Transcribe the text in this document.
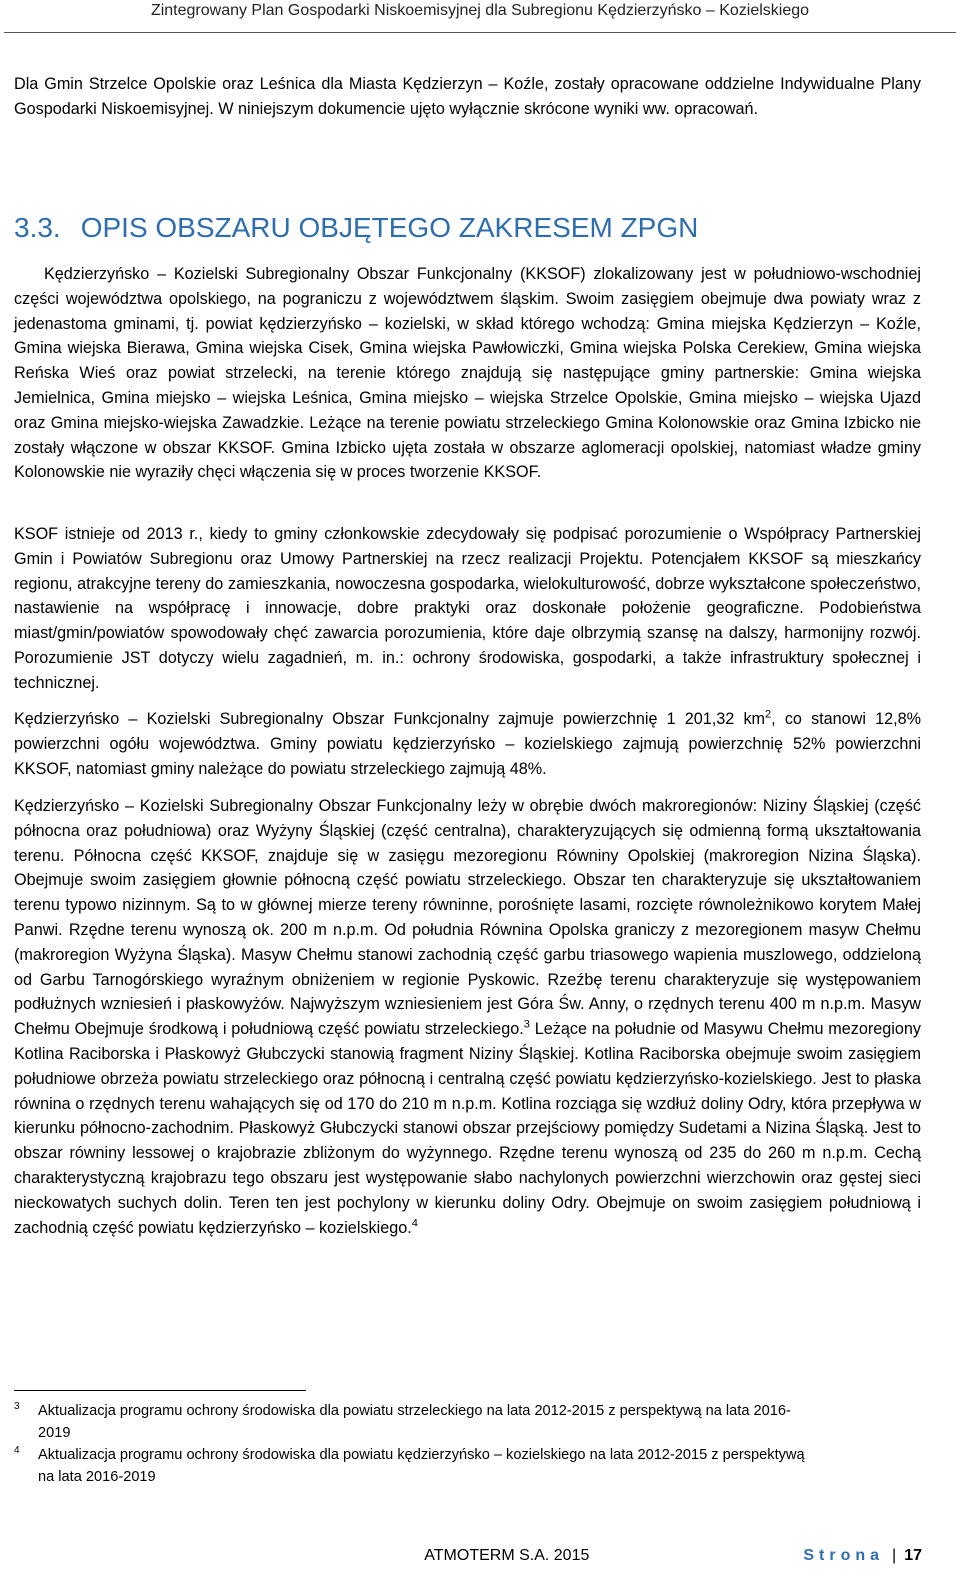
Zintegrowany Plan Gospodarki Niskoemisyjnej dla Subregionu Kędzierzyńsko – Kozielskiego

Dla Gmin Strzelce Opolskie oraz Leśnica dla Miasta Kędzierzyn – Koźle, zostały opracowane oddzielne Indywidualne Plany Gospodarki Niskoemisyjnej. W niniejszym dokumencie ujęto wyłącznie skrócone wyniki ww. opracowań.

3.3. OPIS OBSZARU OBJĘTEGO ZAKRESEM ZPGN

Kędzierzyńsko – Kozielski Subregionalny Obszar Funkcjonalny (KKSOF) zlokalizowany jest w południowo-wschodniej części województwa opolskiego, na pograniczu z województwem śląskim. Swoim zasięgiem obejmuje dwa powiaty wraz z jedenastoma gminami, tj. powiat kędzierzyńsko – kozielski, w skład którego wchodzą: Gmina miejska Kędzierzyn – Koźle, Gmina wiejska Bierawa, Gmina wiejska Cisek, Gmina wiejska Pawłowiczki, Gmina wiejska Polska Cerekiew, Gmina wiejska Reńska Wieś oraz powiat strzelecki, na terenie którego znajdują się następujące gminy partnerskie: Gmina wiejska Jemielnica, Gmina miejsko – wiejska Leśnica, Gmina miejsko – wiejska Strzelce Opolskie, Gmina miejsko – wiejska Ujazd oraz Gmina miejsko-wiejska Zawadzkie. Leżące na terenie powiatu strzeleckiego Gmina Kolonowskie oraz Gmina Izbicko nie zostały włączone w obszar KKSOF. Gmina Izbicko ujęta została w obszarze aglomeracji opolskiej, natomiast władze gminy Kolonowskie nie wyraziły chęci włączenia się w proces tworzenie KKSOF.

KSOF istnieje od 2013 r., kiedy to gminy członkowskie zdecydowały się podpisać porozumienie o Współpracy Partnerskiej Gmin i Powiatów Subregionu oraz Umowy Partnerskiej na rzecz realizacji Projektu. Potencjałem KKSOF są mieszkańcy regionu, atrakcyjne tereny do zamieszkania, nowoczesna gospodarka, wielokulturowość, dobrze wykształcone społeczeństwo, nastawienie na współpracę i innowacje, dobre praktyki oraz doskonałe położenie geograficzne. Podobieństwa miast/gmin/powiatów spowodowały chęć zawarcia porozumienia, które daje olbrzymią szansę na dalszy, harmonijny rozwój. Porozumienie JST dotyczy wielu zagadnień, m. in.: ochrony środowiska, gospodarki, a także infrastruktury społecznej i technicznej.

Kędzierzyńsko – Kozielski Subregionalny Obszar Funkcjonalny zajmuje powierzchnię 1 201,32 $km^2$, co stanowi 12,8% powierzchni ogółu województwa. Gminy powiatu kędzierzyńsko – kozielskiego zajmują powierzchnię 52% powierzchni KKSOF, natomiast gminy należące do powiatu strzeleckiego zajmują 48%.

Kędzierzyńsko – Kozielski Subregionalny Obszar Funkcjonalny leży w obrębie dwóch makroregionów: Niziny Śląskiej (część północna oraz południowa) oraz Wyżyny Śląskiej (część centralna), charakteryzujących się odmienną formą ukształtowania terenu. Północna część KKSOF, znajduje się w zasięgu mezoregionu Równiny Opolskiej (makroregion Nizina Śląska). Obejmuje swoim zasięgiem głownie północną część powiatu strzeleckiego. Obszar ten charakteryzuje się ukształtowaniem terenu typowo nizinnym. Są to w głównej mierze tereny równinne, porośnięte lasami, rozcięte równoleżnikowo korytem Małej Panwi. Rzędne terenu wynoszą ok. 200 m n.p.m. Od południa Równina Opolska graniczy z mezoregionem masyw Chełmu (makroregion Wyżyna Śląska). Masyw Chełmu stanowi zachodnią część garbu triasowego wapienia muszlowego, oddzieloną od Garbu Tarnogórskiego wyraźnym obniżeniem w regionie Pyskowic. Rzeźbę terenu charakteryzuje się występowaniem podłużnych wzniesień i płaskowyżów. Najwyższym wzniesieniem jest Góra Św. Anny, o rzędnych terenu 400 m n.p.m. Masyw Chełmu Obejmuje środkową i południową część powiatu strzeleckiego.$^3$ Leżące na południe od Masywu Chełmu mezoregiony Kotlina Raciborska i Płaskowyż Głubczycki stanowią fragment Niziny Śląskiej. Kotlina Raciborska obejmuje swoim zasięgiem południowe obrzeża powiatu strzeleckiego oraz północną i centralną część powiatu kędzierzyńsko-kozielskiego. Jest to płaska równina o rzędnych terenu wahających się od 170 do 210 m n.p.m. Kotlina rozciąga się wzdłuż doliny Odry, która przepływa w kierunku północno-zachodnim. Płaskowyż Głubczycki stanowi obszar przejściowy pomiędzy Sudetami a Nizina Śląską. Jest to obszar równiny lessowej o krajobrazie zbliżonym do wyżynnego. Rzędne terenu wynoszą od 235 do 260 m n.p.m. Cechą charakterystyczną krajobrazu tego obszaru jest występowanie słabo nachylonych powierzchni wierzchowin oraz gęstej sieci nieckowatych suchych dolin. Teren ten jest pochylony w kierunku doliny Odry. Obejmuje on swoim zasięgiem południową i zachodnią część powiatu kędzierzyńsko – kozielskiego.$^4$

3	Aktualizacja programu ochrony środowiska dla powiatu strzeleckiego na lata 2012-2015 z perspektywą na lata 2016-
2019
4	Aktualizacja programu ochrony środowiska dla powiatu kędzierzyńsko – kozielskiego na lata 2012-2015 z perspektywą
na lata 2016-2019
ATMOTERM S.A. 2015	Strona | 17
